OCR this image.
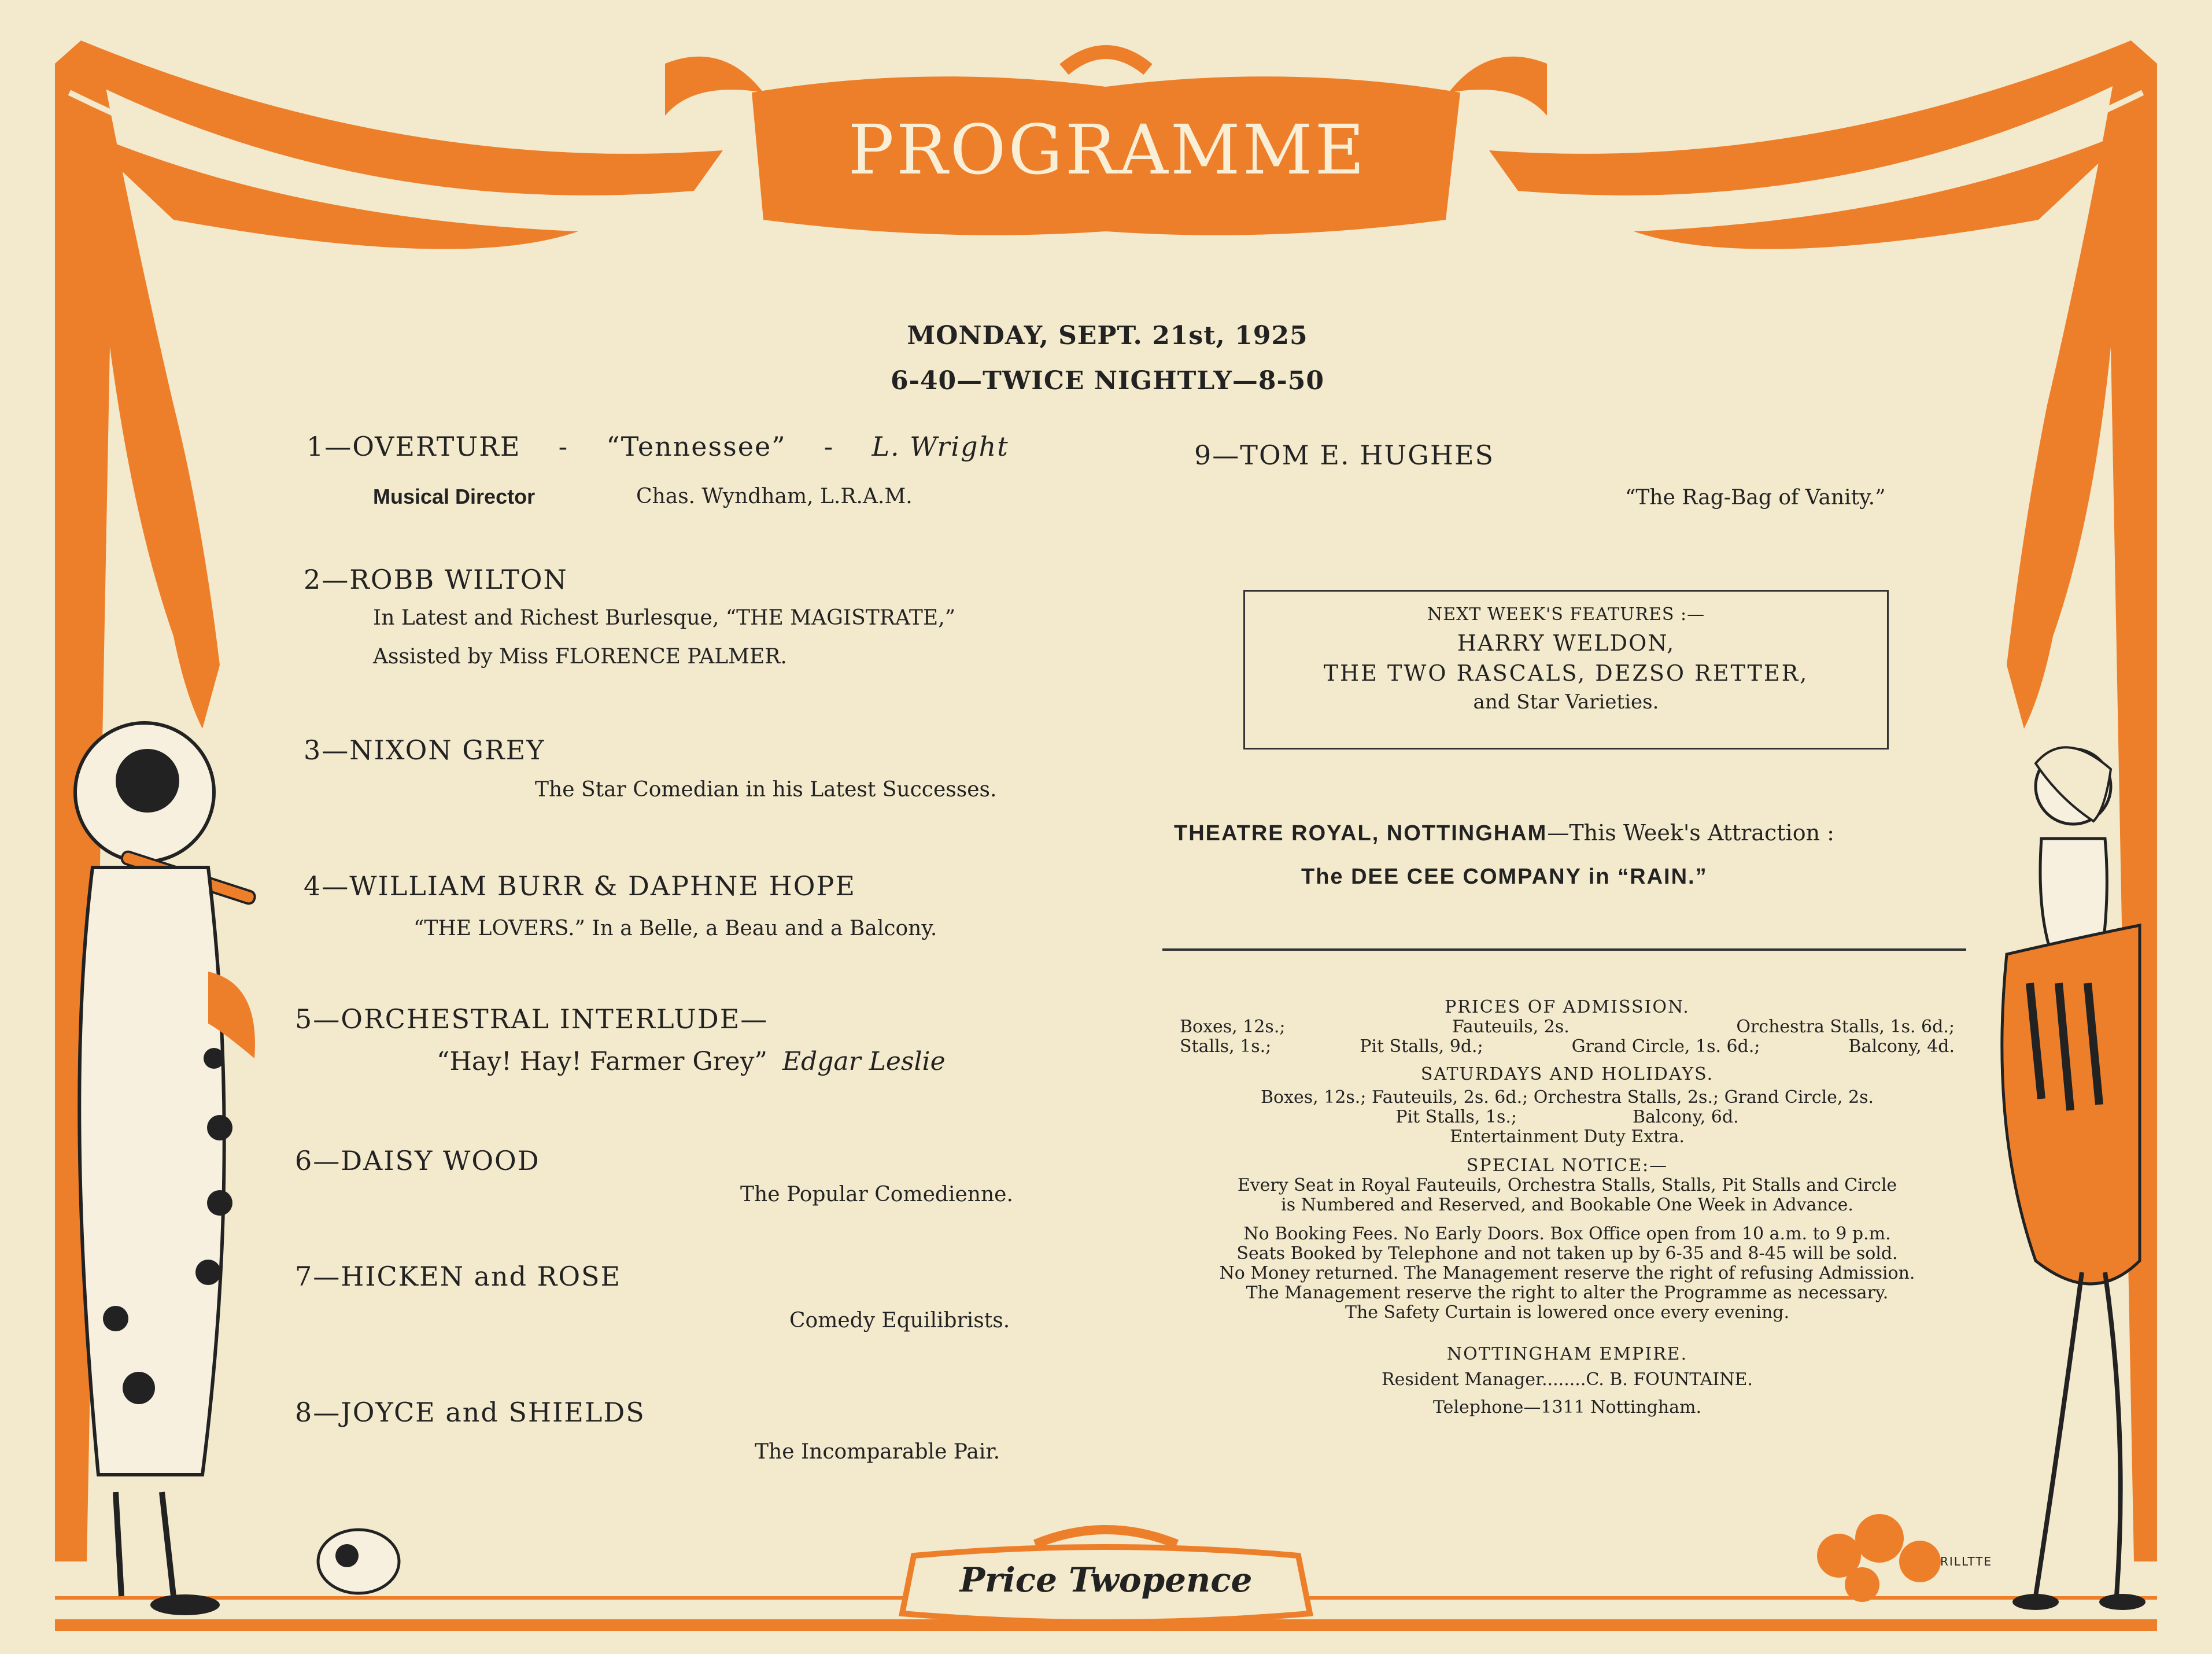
PROGRAMME
MONDAY, SEPT. 21st, 1925
6-40—TWICE NIGHTLY—8-50
1—OVERTURE - “Tennessee” - L. Wright
Musical Director	Chas. Wyndham, L.R.A.M.
2—ROBB WILTON
In Latest and Richest Burlesque, “THE MAGISTRATE,”
Assisted by Miss FLORENCE PALMER.
3—NIXON GREY
The Star Comedian in his Latest Successes.
4—WILLIAM BURR & DAPHNE HOPE
“THE LOVERS.” In a Belle, a Beau and a Balcony.
5—ORCHESTRAL INTERLUDE—
“Hay! Hay! Farmer Grey” Edgar Leslie
6—DAISY WOOD
The Popular Comedienne.
7—HICKEN and ROSE
Comedy Equilibrists.
8—JOYCE and SHIELDS
The Incomparable Pair.
9—TOM E. HUGHES
“The Rag-Bag of Vanity.”
NEXT WEEK'S FEATURES :—
HARRY WELDON,
THE TWO RASCALS, DEZSO RETTER,
and Star Varieties.
THEATRE ROYAL, NOTTINGHAM—This Week's Attraction :
The DEE CEE COMPANY in “RAIN.”
PRICES OF ADMISSION.
Boxes, 12s.;	Fauteuils, 2s.	Orchestra Stalls, 1s. 6d.;
Stalls, 1s.;	Pit Stalls, 9d.;	Grand Circle, 1s. 6d.;	Balcony, 4d.
SATURDAYS AND HOLIDAYS.
Boxes, 12s.; Fauteuils, 2s. 6d.; Orchestra Stalls, 2s.; Grand Circle, 2s.
Pit Stalls, 1s.;	Balcony, 6d.
Entertainment Duty Extra.
SPECIAL NOTICE:—
Every Seat in Royal Fauteuils, Orchestra Stalls, Stalls, Pit Stalls and Circle
is Numbered and Reserved, and Bookable One Week in Advance.
No Booking Fees. No Early Doors. Box Office open from 10 a.m. to 9 p.m.
Seats Booked by Telephone and not taken up by 6-35 and 8-45 will be sold.
No Money returned. The Management reserve the right of refusing Admission.
The Management reserve the right to alter the Programme as necessary.
The Safety Curtain is lowered once every evening.
NOTTINGHAM EMPIRE.
Resident Manager........C. B. FOUNTAINE.
Telephone—1311 Nottingham.
Price Twopence	RILLTTE
